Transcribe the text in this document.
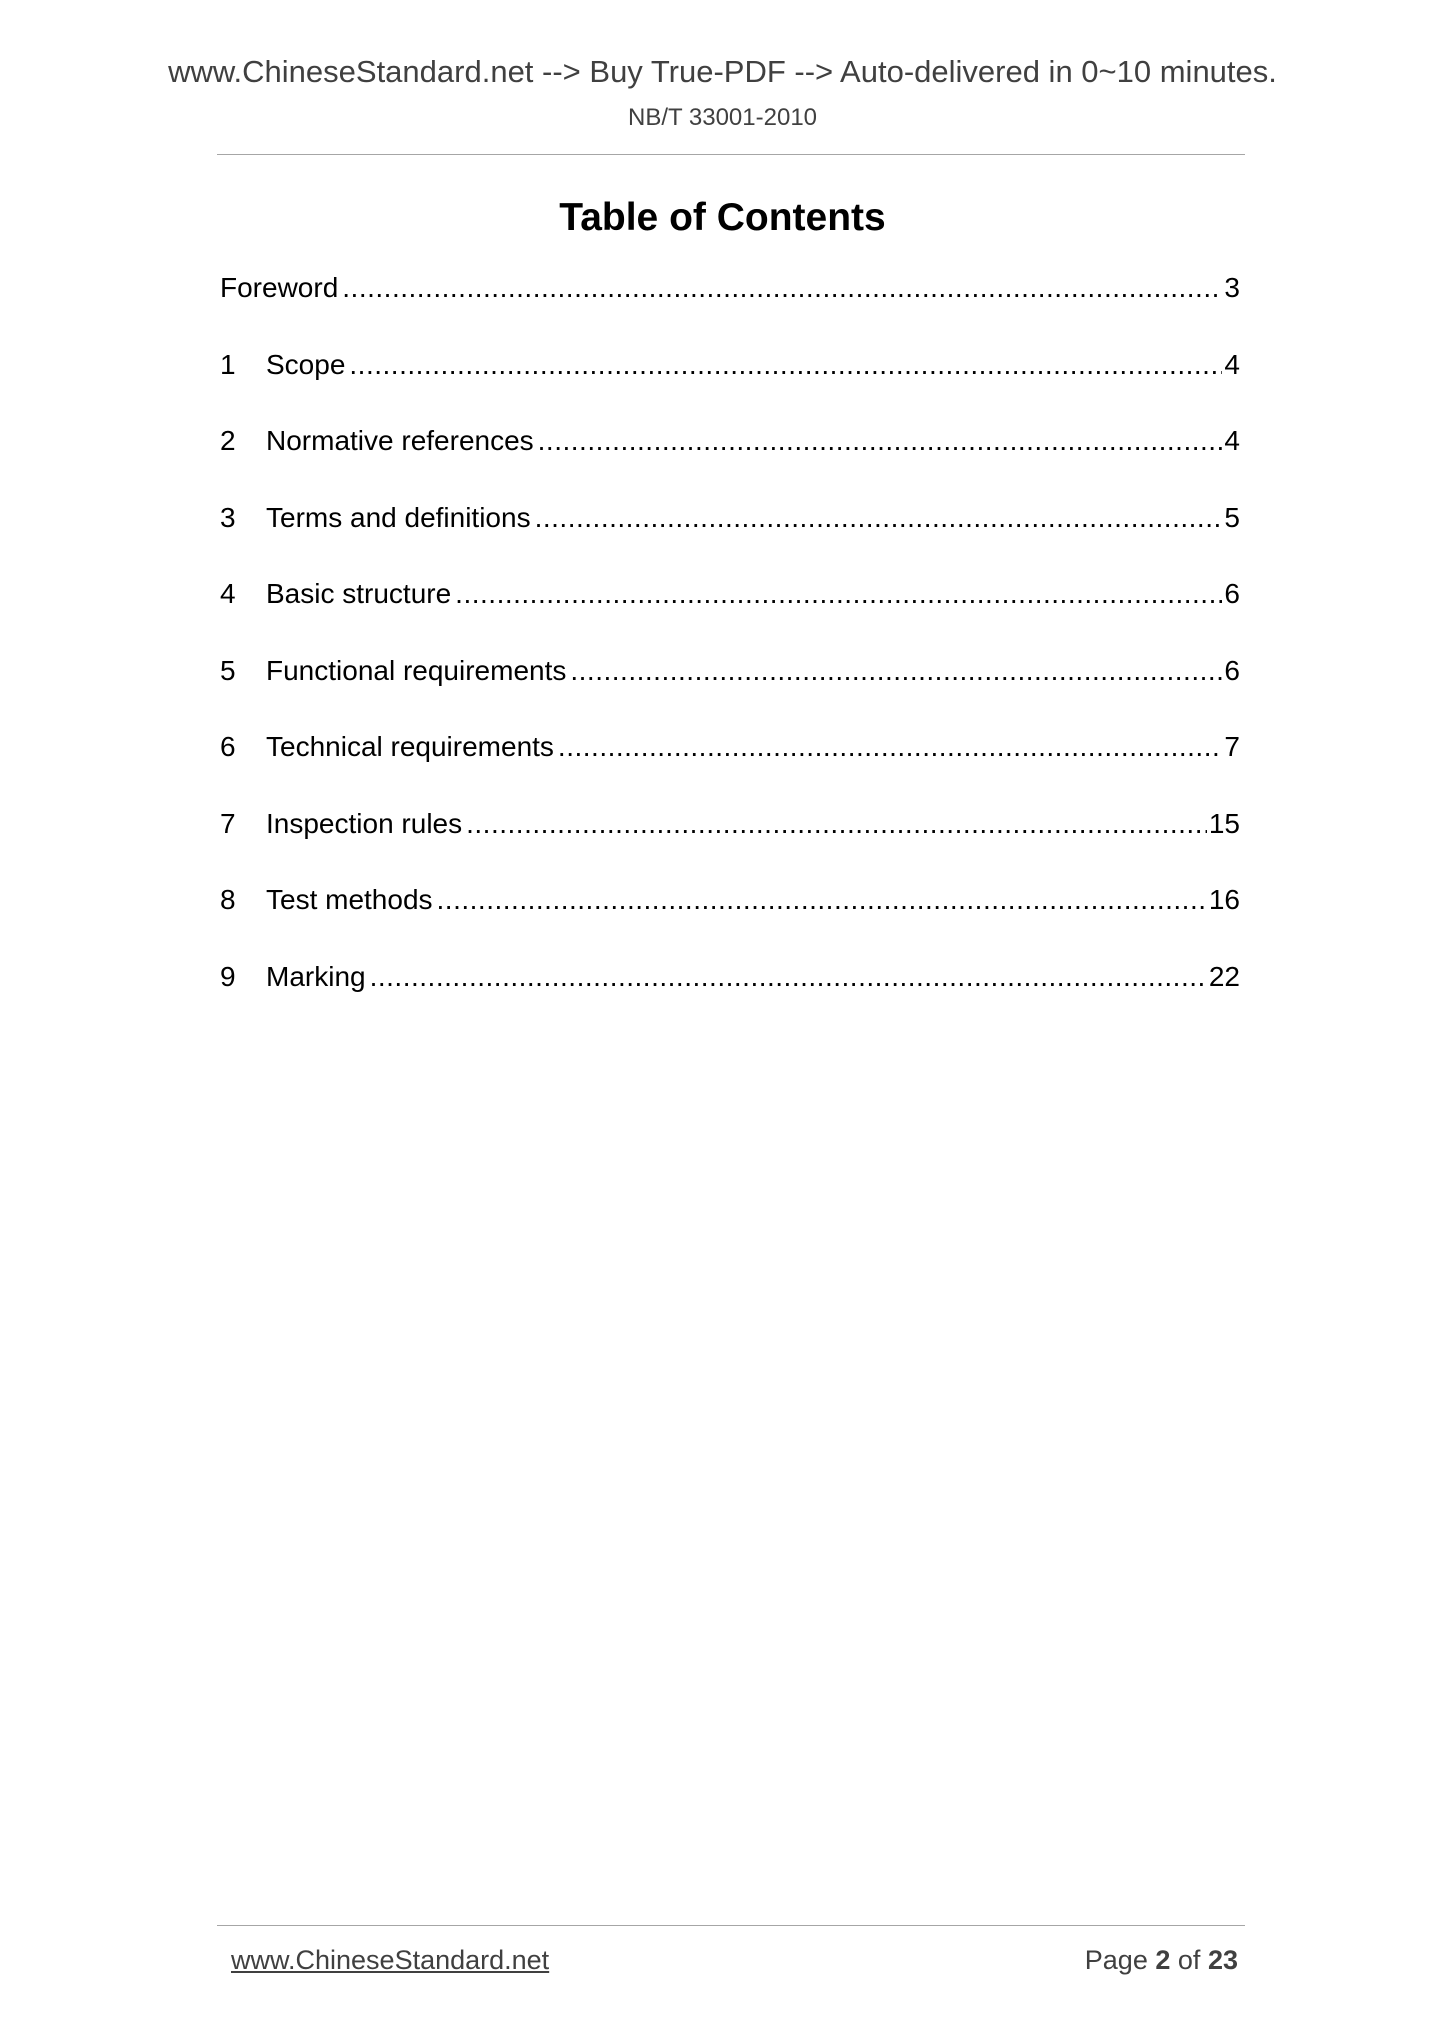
www.ChineseStandard.net --> Buy True-PDF --> Auto-delivered in 0~10 minutes.
NB/T 33001-2010
Table of Contents
Foreword .....	3
1	Scope .....	4
2	Normative references .....	4
3	Terms and definitions .....	5
4	Basic structure .....	6
5	Functional requirements .....	6
6	Technical requirements .....	7
7	Inspection rules .....	15
8	Test methods .....	16
9	Marking .....	22
www.ChineseStandard.net	Page 2 of 23
